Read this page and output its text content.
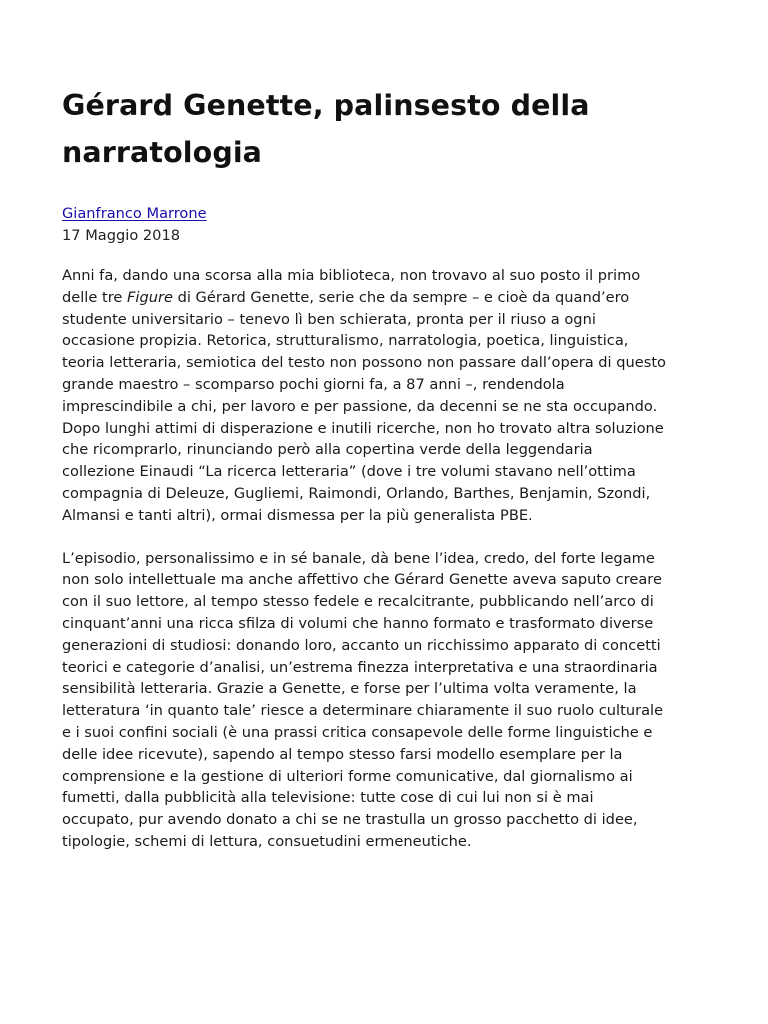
Gérard Genette, palinsesto della
narratologia
Gianfranco Marrone
17 Maggio 2018

Anni fa, dando una scorsa alla mia biblioteca, non trovavo al suo posto il primo
delle tre Figure di Gérard Genette, serie che da sempre – e cioè da quand’ero
studente universitario – tenevo lì ben schierata, pronta per il riuso a ogni
occasione propizia. Retorica, strutturalismo, narratologia, poetica, linguistica,
teoria letteraria, semiotica del testo non possono non passare dall’opera di questo
grande maestro – scomparso pochi giorni fa, a 87 anni –, rendendola
imprescindibile a chi, per lavoro e per passione, da decenni se ne sta occupando.
Dopo lunghi attimi di disperazione e inutili ricerche, non ho trovato altra soluzione
che ricomprarlo, rinunciando però alla copertina verde della leggendaria
collezione Einaudi “La ricerca letteraria” (dove i tre volumi stavano nell’ottima
compagnia di Deleuze, Gugliemi, Raimondi, Orlando, Barthes, Benjamin, Szondi,
Almansi e tanti altri), ormai dismessa per la più generalista PBE.

L’episodio, personalissimo e in sé banale, dà bene l’idea, credo, del forte legame
non solo intellettuale ma anche affettivo che Gérard Genette aveva saputo creare
con il suo lettore, al tempo stesso fedele e recalcitrante, pubblicando nell’arco di
cinquant’anni una ricca sfilza di volumi che hanno formato e trasformato diverse
generazioni di studiosi: donando loro, accanto un ricchissimo apparato di concetti
teorici e categorie d’analisi, un’estrema finezza interpretativa e una straordinaria
sensibilità letteraria. Grazie a Genette, e forse per l’ultima volta veramente, la
letteratura ‘in quanto tale’ riesce a determinare chiaramente il suo ruolo culturale
e i suoi confini sociali (è una prassi critica consapevole delle forme linguistiche e
delle idee ricevute), sapendo al tempo stesso farsi modello esemplare per la
comprensione e la gestione di ulteriori forme comunicative, dal giornalismo ai
fumetti, dalla pubblicità alla televisione: tutte cose di cui lui non si è mai
occupato, pur avendo donato a chi se ne trastulla un grosso pacchetto di idee,
tipologie, schemi di lettura, consuetudini ermeneutiche.
